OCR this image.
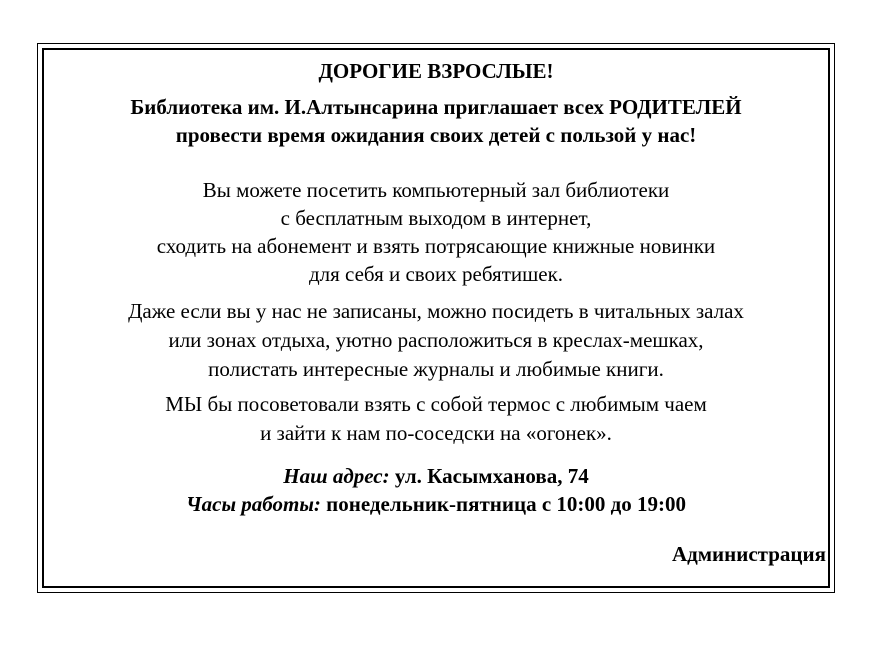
ДОРОГИЕ ВЗРОСЛЫЕ!
Библиотека им. И.Алтынсарина приглашает всех РОДИТЕЛЕЙ
провести время ожидания своих детей с пользой у нас!
Вы можете посетить компьютерный зал библиотеки
с бесплатным выходом в интернет,
сходить на абонемент и взять потрясающие книжные новинки
для себя и своих ребятишек.
Даже если вы у нас не записаны, можно посидеть в читальных залах
или зонах отдыха, уютно расположиться в креслах-мешках,
полистать интересные журналы и любимые книги.
МЫ бы посоветовали взять с собой термос с любимым чаем
и зайти к нам по-соседски на «огонек».
Наш адрес: ул. Касымханова, 74
Часы работы: понедельник-пятница с 10:00 до 19:00
Администрация
